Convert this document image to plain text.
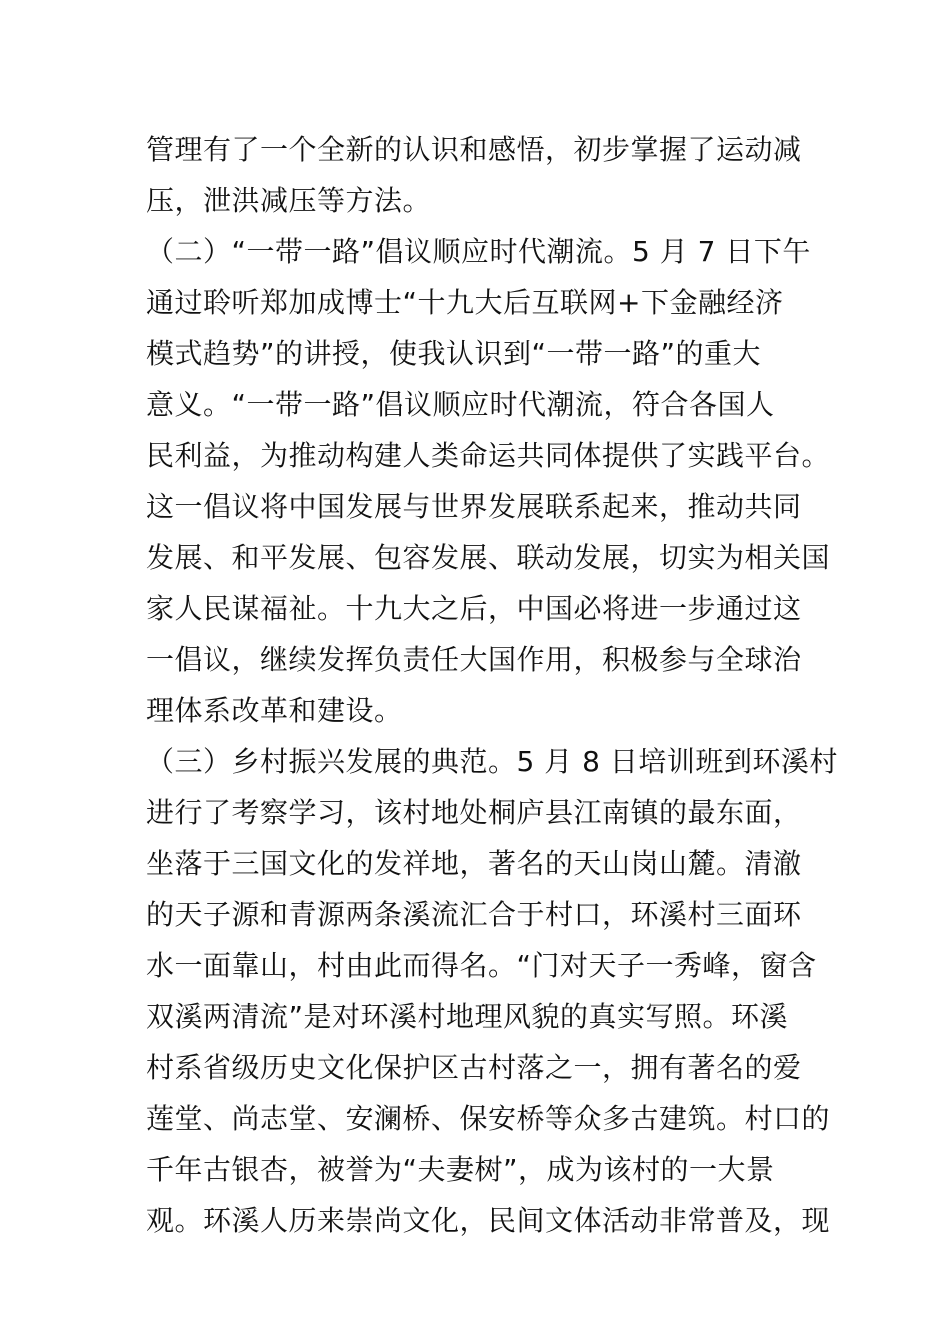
管理有了一个全新的认识和感悟，初步掌握了运动减
压，泄洪减压等方法。
（二）“一带一路”倡议顺应时代潮流。5 月 7 日下午
通过聆听郑加成博士“十九大后互联网+下金融经济
模式趋势”的讲授，使我认识到“一带一路”的重大
意义。“一带一路”倡议顺应时代潮流，符合各国人
民利益，为推动构建人类命运共同体提供了实践平台。
这一倡议将中国发展与世界发展联系起来，推动共同
发展、和平发展、包容发展、联动发展，切实为相关国
家人民谋福祉。十九大之后，中国必将进一步通过这
一倡议，继续发挥负责任大国作用，积极参与全球治
理体系改革和建设。
（三）乡村振兴发展的典范。5 月 8 日培训班到环溪村
进行了考察学习，该村地处桐庐县江南镇的最东面，
坐落于三国文化的发祥地，著名的天山岗山麓。清澈
的天子源和青源两条溪流汇合于村口，环溪村三面环
水一面靠山，村由此而得名。“门对天子一秀峰，窗含
双溪两清流”是对环溪村地理风貌的真实写照。环溪
村系省级历史文化保护区古村落之一，拥有著名的爱
莲堂、尚志堂、安澜桥、保安桥等众多古建筑。村口的
千年古银杏，被誉为“夫妻树”，成为该村的一大景
观。环溪人历来崇尚文化，民间文体活动非常普及，现
